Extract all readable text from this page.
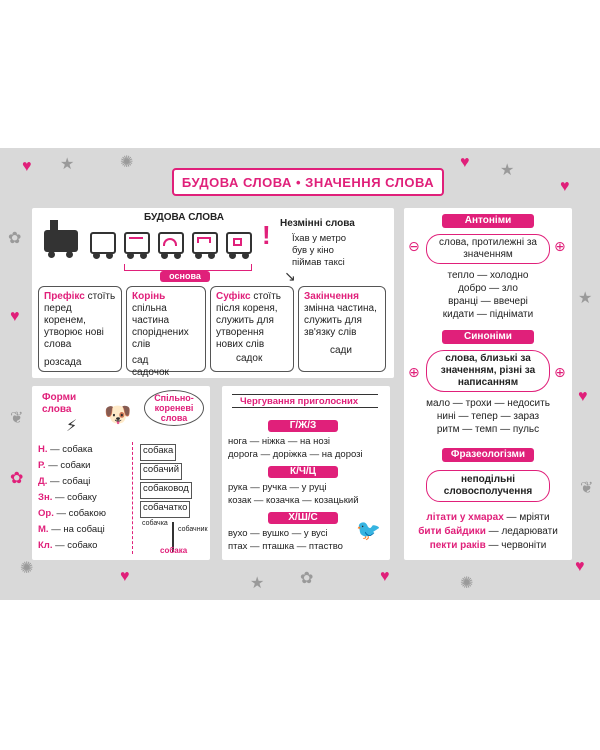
♥ ★	✺	♥ ★
♥
✿
♥
❦
✿
✺	♥	★ ✿	♥	✺
★
♥
❦
♥
БУДОВА СЛОВА • ЗНАЧЕННЯ СЛОВА
БУДОВА СЛОВА
основа
! Незмінні слова
Їхав у метро
був у кіно
піймав таксі
↘
Префікс стоїть перед коренем, утворює нові слова
розсада
Корінь спільна частина споріднених слів
сад
садочок
Суфікс стоїть після кореня, служить для утворення нових слів
садок
Закінчення змінна частина, служить для зв'язку слів
сади
Форми слова	🐶
⚡
Спільно-кореневі слова
Н. — собака
Р. — собаки
Д. — собаці
Зн. — собаку
Ор. — собакою
М. — на собаці
Кл. — собако
собака
собачий
собаковод
собачатко
собачка
собачник
собака
Чергування приголосних
Г/Ж/З
нога — ніжка — на нозі
дорога — доріжка — на дорозі
К/Ч/Ц
рука — ручка — у руці
козак — козачка — козацький
Х/Ш/С
вухо — вушко — у вусі
птах — пташка — птаство
🐦
Антоніми
⊖	⊕
слова, протилежні за значенням
тепло — холодно
добро — зло
вранці — ввечері
кидати — піднімати
Синоніми
⊕	⊕
слова, близькі за значенням, різні за написанням
мало — трохи — недосить
нині — тепер — зараз
ритм — темп — пульс
Фразеологізми
неподільні словосполучення
літати у хмарах — мріяти
бити байдики — ледарювати
пекти раків — червоніти
